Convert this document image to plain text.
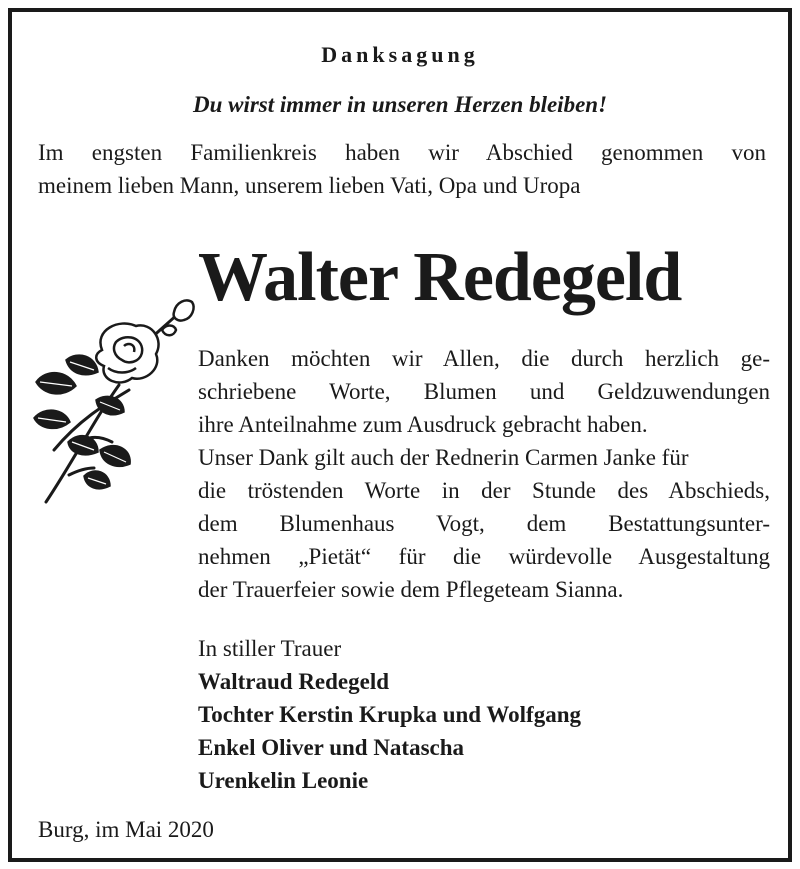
Danksagung
Du wirst immer in unseren Herzen bleiben!
Im engsten Familienkreis haben wir Abschied genommen von
meinem lieben Mann, unserem lieben Vati, Opa und Uropa
Walter Redegeld
Danken möchten wir Allen, die durch herzlich ge-
schriebene Worte, Blumen und Geldzuwendungen
ihre Anteilnahme zum Ausdruck gebracht haben.
Unser Dank gilt auch der Rednerin Carmen Janke für
die tröstenden Worte in der Stunde des Abschieds,
dem Blumenhaus Vogt, dem Bestattungsunter-
nehmen „Pietät“ für die würdevolle Ausgestaltung
der Trauerfeier sowie dem Pflegeteam Sianna.
In stiller Trauer
Waltraud Redegeld
Tochter Kerstin Krupka und Wolfgang
Enkel Oliver und Natascha
Urenkelin Leonie
Burg, im Mai 2020
